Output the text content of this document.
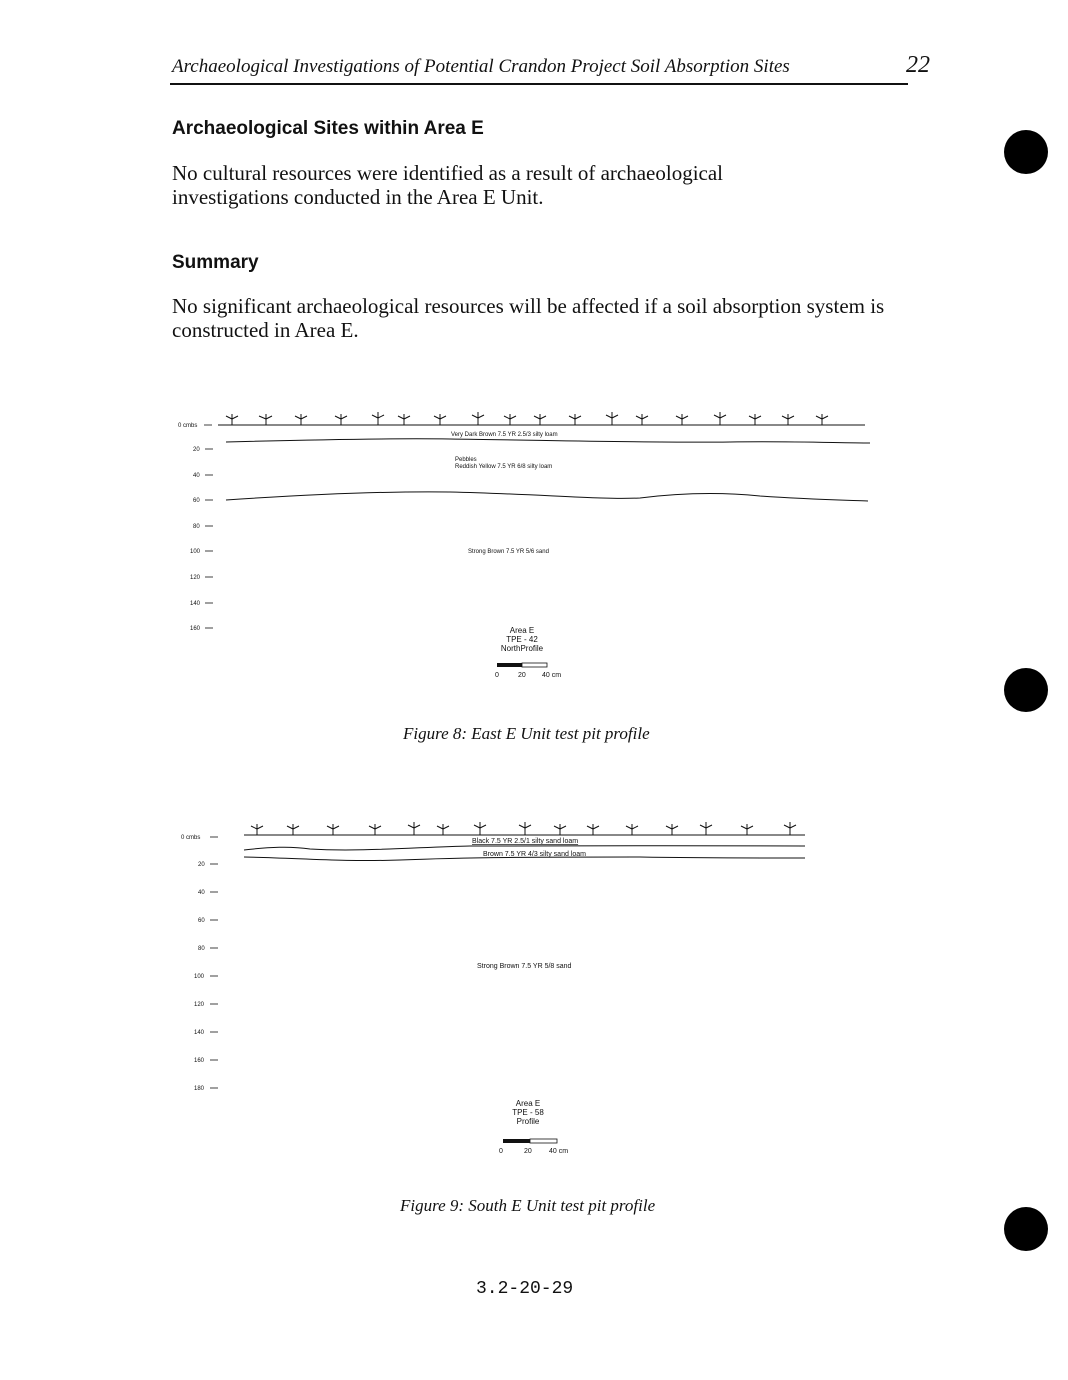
Archaeological Investigations of Potential Crandon Project Soil Absorption Sites	22
Archaeological Sites within Area E
No cultural resources were identified as a result of archaeological investigations conducted in the Area E Unit.
Summary
No significant archaeological resources will be affected if a soil absorption system is constructed in Area E.
0 cmbs
20
40
60
80
100
120
140
160
Very Dark Brown 7.5 YR 2.5/3 silty loam
Pebbles
Reddish Yellow 7.5 YR 6/8 silty loam
Strong Brown 7.5 YR 5/6 sand
Area E
TPE - 42
NorthProfile
0	20 40 cm
Figure 8: East E Unit test pit profile
0 cmbs
20
40
60
80
100
120
140
160
180
Black 7.5 YR 2.5/1 silty sand loam
Brown 7.5 YR 4/3 silty sand loam
Strong Brown 7.5 YR 5/8 sand
Area E
TPE - 58
Profile
0	20 40 cm
Figure 9: South E Unit test pit profile
3.2-20-29
